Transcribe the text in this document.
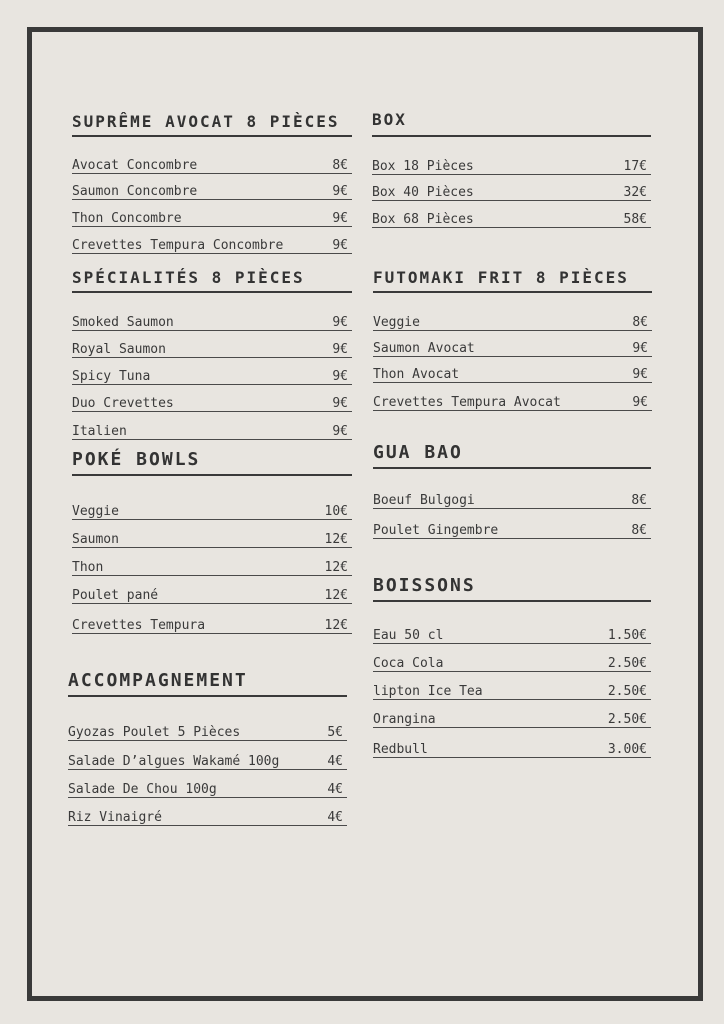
SUPRÊME AVOCAT 8 PIÈCES
Avocat Concombre	8€
Saumon Concombre	9€
Thon Concombre	9€
Crevettes Tempura Concombre	9€
BOX
Box 18 Pièces	17€
Box 40 Pièces	32€
Box 68 Pièces	58€
SPÉCIALITÉS 8 PIÈCES
Smoked Saumon	9€
Royal Saumon	9€
Spicy Tuna	9€
Duo Crevettes	9€
Italien	9€
FUTOMAKI FRIT 8 PIÈCES
Veggie	8€
Saumon Avocat	9€
Thon Avocat	9€
Crevettes Tempura Avocat	9€
POKÉ BOWLS
Veggie	10€
Saumon	12€
Thon	12€
Poulet pané	12€
Crevettes Tempura	12€
GUA BAO
Boeuf Bulgogi	8€
Poulet Gingembre	8€
BOISSONS
Eau 50 cl	1.50€
Coca Cola	2.50€
lipton Ice Tea	2.50€
Orangina	2.50€
Redbull	3.00€
ACCOMPAGNEMENT
Gyozas Poulet 5 Pièces	5€
Salade D’algues Wakamé 100g	4€
Salade De Chou 100g	4€
Riz Vinaigré	4€
